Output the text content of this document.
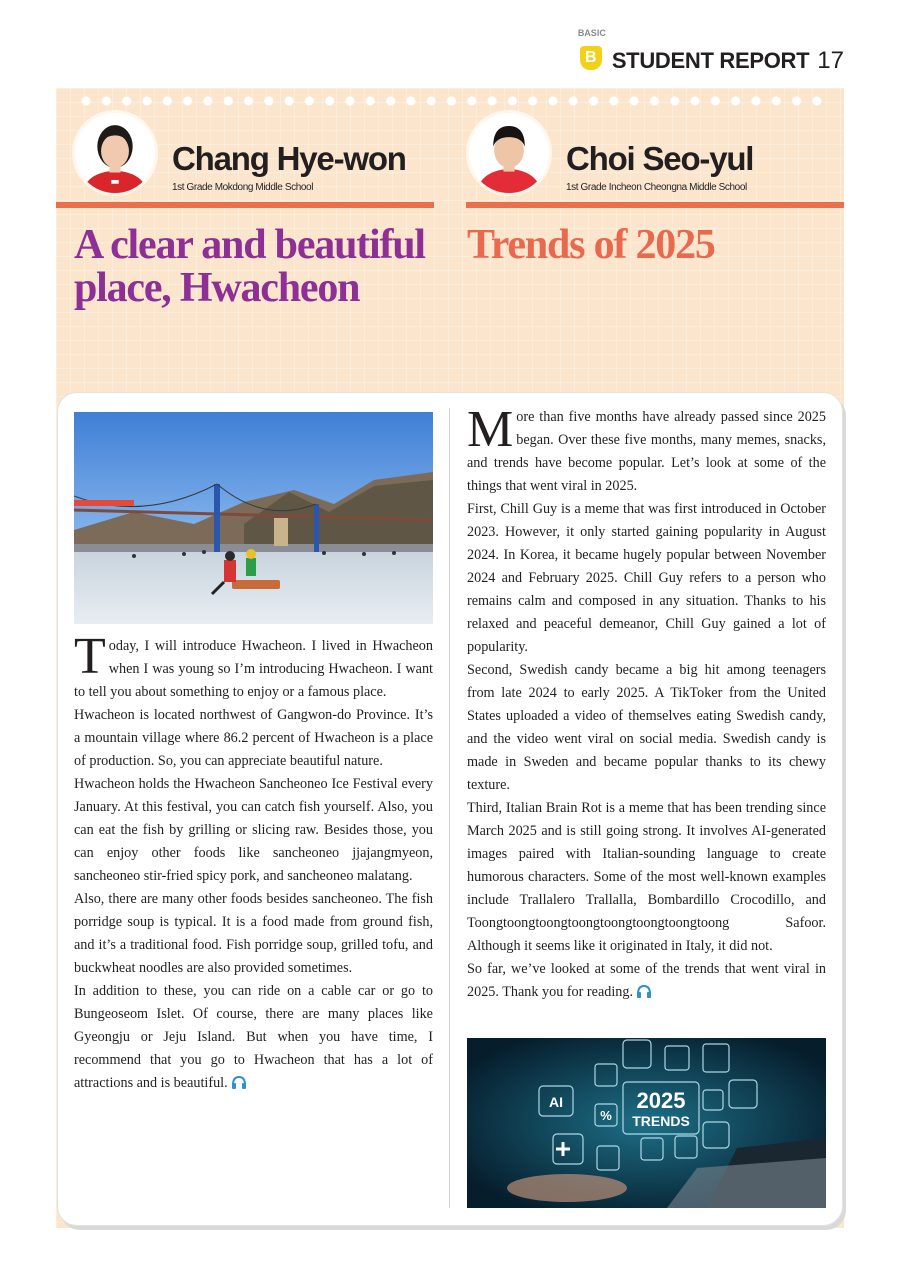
BASIC
B STUDENT REPORT 17
Chang Hye-won
1st Grade Mokdong Middle School
Choi Seo-yul
1st Grade Incheon Cheongna Middle School
A clear and beautiful place, Hwacheon
Trends of 2025

Today, I will introduce Hwacheon. I lived in Hwacheon when I was young so I’m introducing Hwacheon. I want to tell you about something to enjoy or a famous place.

Hwacheon is located northwest of Gangwon-do Province. It’s a mountain village where 86.2 percent of Hwacheon is a place of production. So, you can appreciate beautiful nature.

Hwacheon holds the Hwacheon Sancheoneo Ice Festival every January. At this festival, you can catch fish yourself. Also, you can eat the fish by grilling or slicing raw. Besides those, you can enjoy other foods like sancheoneo jjajangmyeon, sancheoneo stir-fried spicy pork, and sancheoneo malatang.

Also, there are many other foods besides sancheoneo. The fish porridge soup is typical. It is a food made from ground fish, and it’s a traditional food. Fish porridge soup, grilled tofu, and buckwheat noodles are also provided sometimes.

In addition to these, you can ride on a cable car or go to Bungeoseom Islet. Of course, there are many places like Gyeongju or Jeju Island. But when you have time, I recommend that you go to Hwacheon that has a lot of attractions and is beautiful.

More than five months have already passed since 2025 began. Over these five months, many memes, snacks, and trends have become popular. Let’s look at some of the things that went viral in 2025.

First, Chill Guy is a meme that was first introduced in October 2023. However, it only started gaining popularity in August 2024. In Korea, it became hugely popular between November 2024 and February 2025. Chill Guy refers to a person who remains calm and composed in any situation. Thanks to his relaxed and peaceful demeanor, Chill Guy gained a lot of popularity.

Second, Swedish candy became a big hit among teenagers from late 2024 to early 2025. A TikToker from the United States uploaded a video of themselves eating Swedish candy, and the video went viral on social media. Swedish candy is made in Sweden and became popular thanks to its chewy texture.

Third, Italian Brain Rot is a meme that has been trending since March 2025 and is still going strong. It involves AI-generated images paired with Italian-sounding language to create humorous characters. Some of the most well-known examples include Trallalero Trallalla, Bombardillo Crocodillo, and Toongtoongtoongtoongtoongtoongtoongtoong Safoor. Although it seems like it originated in Italy, it did not.

So far, we’ve looked at some of the trends that went viral in 2025. Thank you for reading.

2025
TRENDS
AI
%
